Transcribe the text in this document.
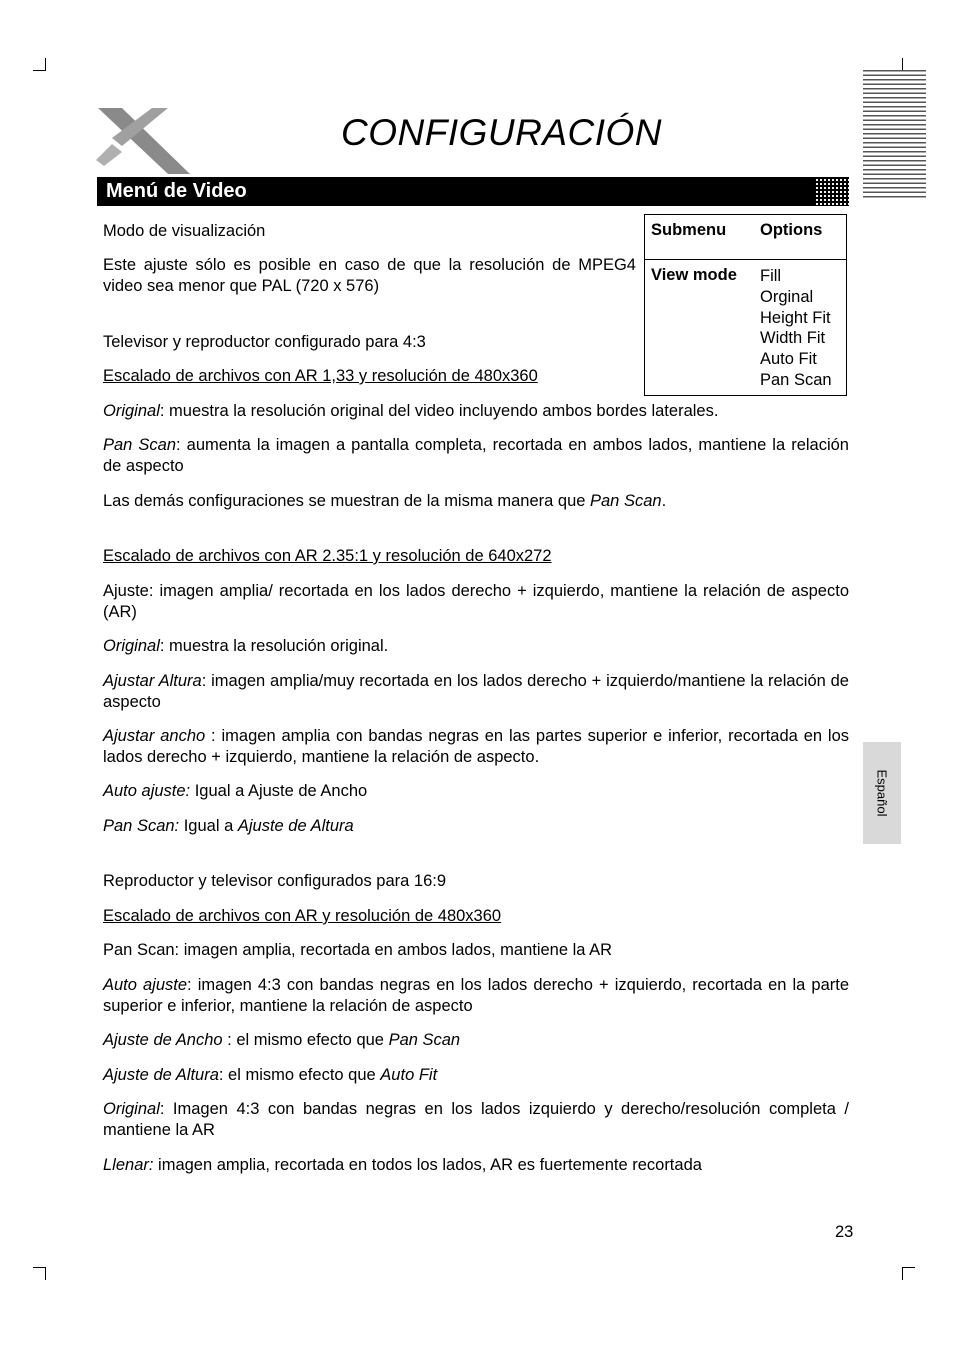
CONFIGURACIÓN
Menú de Video
Submenu Options
View mode Fill
Orginal
Height Fit
Width Fit
Auto Fit
Pan Scan
Modo de visualización
Este ajuste sólo es posible en caso de que la resolución de MPEG4 video sea menor que PAL (720 x 576)
Televisor y reproductor configurado para 4:3
Escalado de archivos con AR 1,33 y resolución de 480x360
Original: muestra la resolución original del video incluyendo ambos bordes laterales.
Pan Scan: aumenta la imagen a pantalla completa, recortada en ambos lados, mantiene la relación de aspecto
Las demás configuraciones se muestran de la misma manera que Pan Scan.
Escalado de archivos con AR 2.35:1 y resolución de 640x272
Ajuste: imagen amplia/ recortada en los lados derecho + izquierdo, mantiene la relación de aspecto (AR)
Original: muestra la resolución original.
Ajustar Altura: imagen amplia/muy recortada en los lados derecho + izquierdo/mantiene la relación de aspecto
Ajustar ancho : imagen amplia con bandas negras en las partes superior e inferior, recortada en los lados derecho + izquierdo, mantiene la relación de aspecto.
Auto ajuste: Igual a Ajuste de Ancho
Pan Scan: Igual a Ajuste de Altura
Reproductor y televisor configurados para 16:9
Escalado de archivos con AR y resolución de 480x360
Pan Scan: imagen amplia, recortada en ambos lados, mantiene la AR
Auto ajuste: imagen 4:3 con bandas negras en los lados derecho + izquierdo, recortada en la parte superior e inferior, mantiene la relación de aspecto
Ajuste de Ancho : el mismo efecto que Pan Scan
Ajuste de Altura: el mismo efecto que Auto Fit
Original: Imagen 4:3 con bandas negras en los lados izquierdo y derecho/resolución completa / mantiene la AR
Llenar: imagen amplia, recortada en todos los lados, AR es fuertemente recortada
Español
23
